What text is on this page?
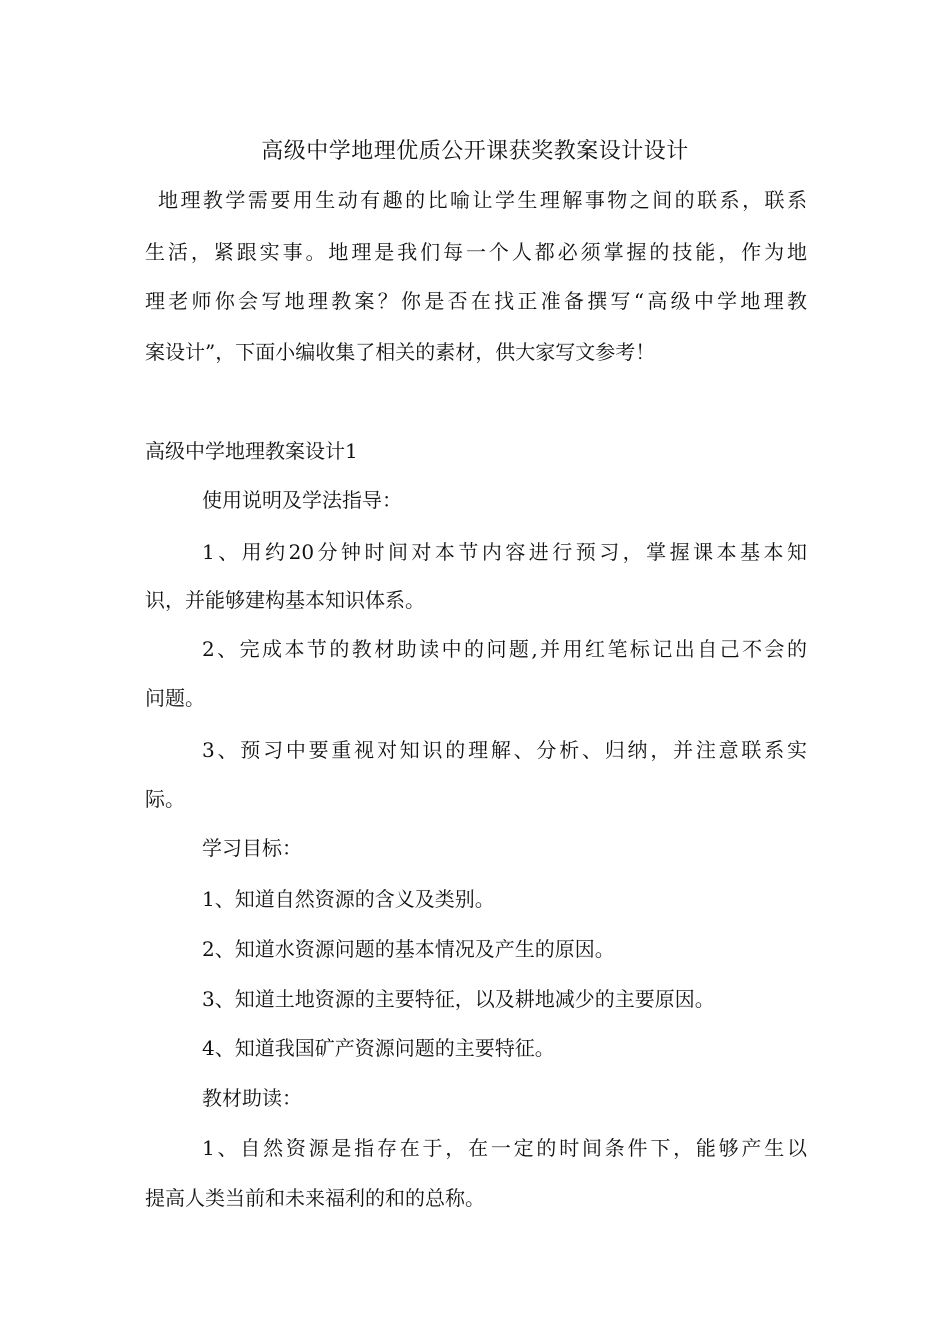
高级中学地理优质公开课获奖教案设计设计
地理教学需要用生动有趣的比喻让学生理解事物之间的联系，联系
生活，紧跟实事。地理是我们每一个人都必须掌握的技能，作为地
理老师你会写地理教案？你是否在找正准备撰写“高级中学地理教
案设计”，下面小编收集了相关的素材，供大家写文参考！
高级中学地理教案设计1
使用说明及学法指导：
1、用约20分钟时间对本节内容进行预习，掌握课本基本知
识，并能够建构基本知识体系。
2、完成本节的教材助读中的问题,并用红笔标记出自己不会的
问题。
3、预习中要重视对知识的理解、分析、归纳，并注意联系实
际。
学习目标：
1、知道自然资源的含义及类别。
2、知道水资源问题的基本情况及产生的原因。
3、知道土地资源的主要特征，以及耕地减少的主要原因。
4、知道我国矿产资源问题的主要特征。
教材助读：
1、自然资源是指存在于，在一定的时间条件下，能够产生以
提高人类当前和未来福利的和的总称。
